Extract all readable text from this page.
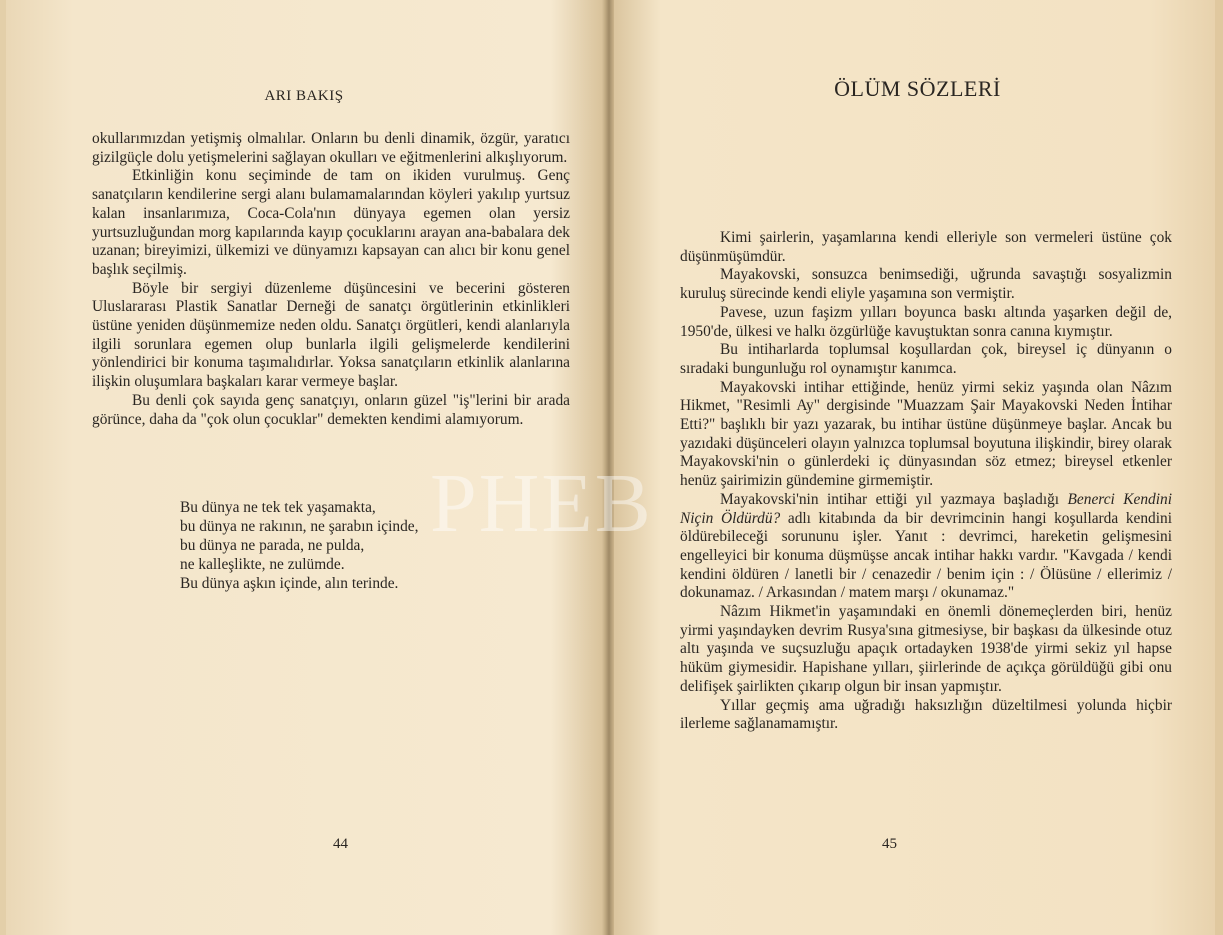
ARI BAKIŞ

okullarımızdan yetişmiş olmalılar. Onların bu denli dinamik, özgür, yaratıcı gizilgüçle dolu yetişmelerini sağlayan okulları ve eğitmenlerini alkışlıyorum.

Etkinliğin konu seçiminde de tam on ikiden vurulmuş. Genç sanatçıların kendilerine sergi alanı bulamamalarından köyleri yakılıp yurtsuz kalan insanlarımıza, Coca-Cola'nın dünyaya egemen olan yersiz yurtsuzluğundan morg kapılarında kayıp çocuklarını arayan ana-babalara dek uzanan; bireyimizi, ülkemizi ve dünyamızı kapsayan can alıcı bir konu genel başlık seçilmiş.

Böyle bir sergiyi düzenleme düşüncesini ve becerini gösteren Uluslararası Plastik Sanatlar Derneği de sanatçı örgütlerinin etkinlikleri üstüne yeniden düşünmemize neden oldu. Sanatçı örgütleri, kendi alanlarıyla ilgili sorunlara egemen olup bunlarla ilgili gelişmelerde kendilerini yönlendirici bir konuma taşımalıdırlar. Yoksa sanatçıların etkinlik alanlarına ilişkin oluşumlara başkaları karar vermeye başlar.

Bu denli çok sayıda genç sanatçıyı, onların güzel "iş"lerini bir arada görünce, daha da "çok olun çocuklar" demekten kendimi alamıyorum.

Bu dünya ne tek tek yaşamakta,
bu dünya ne rakının, ne şarabın içinde,
bu dünya ne parada, ne pulda,
ne kalleşlikte, ne zulümde.
Bu dünya aşkın içinde, alın terinde.
44
ÖLÜM SÖZLERİ

Kimi şairlerin, yaşamlarına kendi elleriyle son vermeleri üstüne çok düşünmüşümdür.

Mayakovski, sonsuzca benimsediği, uğrunda savaştığı sosyalizmin kuruluş sürecinde kendi eliyle yaşamına son vermiştir.

Pavese, uzun faşizm yılları boyunca baskı altında yaşarken değil de, 1950'de, ülkesi ve halkı özgürlüğe kavuştuktan sonra canına kıymıştır.

Bu intiharlarda toplumsal koşullardan çok, bireysel iç dünyanın o sıradaki bungunluğu rol oynamıştır kanımca.

Mayakovski intihar ettiğinde, henüz yirmi sekiz yaşında olan Nâzım Hikmet, "Resimli Ay" dergisinde "Muazzam Şair Mayakovski Neden İntihar Etti?" başlıklı bir yazı yazarak, bu intihar üstüne düşünmeye başlar. Ancak bu yazıdaki düşünceleri olayın yalnızca toplumsal boyutuna ilişkindir, birey olarak Mayakovski'nin o günlerdeki iç dünyasından söz etmez; bireysel etkenler henüz şairimizin gündemine girmemiştir.

Mayakovski'nin intihar ettiği yıl yazmaya başladığı Benerci Kendini Niçin Öldürdü? adlı kitabında da bir devrimcinin hangi koşullarda kendini öldürebileceği sorununu işler. Yanıt : devrimci, hareketin gelişmesini engelleyici bir konuma düşmüşse ancak intihar hakkı vardır. "Kavgada / kendi kendini öldüren / lanetli bir / cenazedir / benim için : / Ölüsüne / ellerimiz / dokunamaz. / Arkasından / matem marşı / okunamaz."

Nâzım Hikmet'in yaşamındaki en önemli dönemeçlerden biri, henüz yirmi yaşındayken devrim Rusya'sına gitmesiyse, bir başkası da ülkesinde otuz altı yaşında ve suçsuzluğu apaçık ortadayken 1938'de yirmi sekiz yıl hapse hüküm giymesidir. Hapishane yılları, şiirlerinde de açıkça görüldüğü gibi onu delifişek şairlikten çıkarıp olgun bir insan yapmıştır.

Yıllar geçmiş ama uğradığı haksızlığın düzeltilmesi yolunda hiçbir ilerleme sağlanamamıştır.

45
PHEB
